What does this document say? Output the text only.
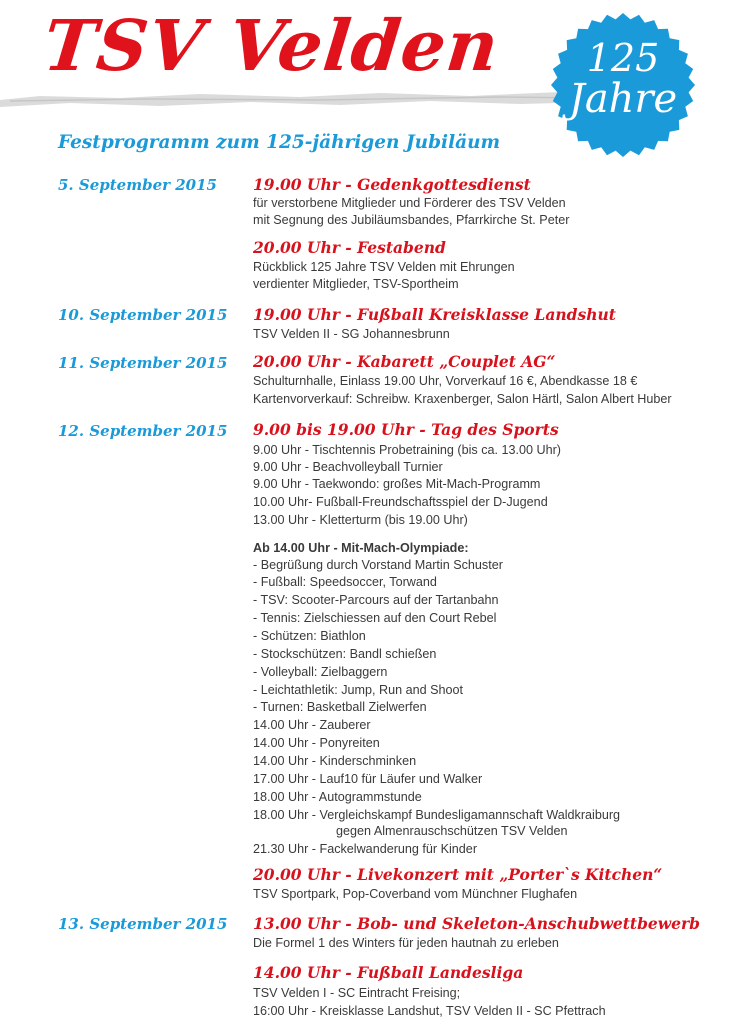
TSV Velden	125
Jahre
Festprogramm zum 125-jährigen Jubiläum
5. September 2015
10. September 2015
11. September 2015
12. September 2015
13. September 2015
19.00 Uhr - Gedenkgottesdienst
für verstorbene Mitglieder und Förderer des TSV Velden
mit Segnung des Jubiläumsbandes, Pfarrkirche St. Peter
20.00 Uhr - Festabend
Rückblick 125 Jahre TSV Velden mit Ehrungen
verdienter Mitglieder, TSV-Sportheim
19.00 Uhr - Fußball Kreisklasse Landshut
TSV Velden II - SG Johannesbrunn
20.00 Uhr - Kabarett „Couplet AG“
Schulturnhalle, Einlass 19.00 Uhr, Vorverkauf 16 €, Abendkasse 18 €
Kartenvorverkauf: Schreibw. Kraxenberger, Salon Härtl, Salon Albert Huber
9.00 bis 19.00 Uhr - Tag des Sports
9.00 Uhr - Tischtennis Probetraining (bis ca. 13.00 Uhr)
9.00 Uhr - Beachvolleyball Turnier
9.00 Uhr - Taekwondo: großes Mit-Mach-Programm
10.00 Uhr- Fußball-Freundschaftsspiel der D-Jugend
13.00 Uhr - Kletterturm (bis 19.00 Uhr)
Ab 14.00 Uhr - Mit-Mach-Olympiade:
- Begrüßung durch Vorstand Martin Schuster
- Fußball: Speedsoccer, Torwand
- TSV: Scooter-Parcours auf der Tartanbahn
- Tennis: Zielschiessen auf den Court Rebel
- Schützen: Biathlon
- Stockschützen: Bandl schießen
- Volleyball: Zielbaggern
- Leichtathletik: Jump, Run and Shoot
- Turnen: Basketball Zielwerfen
14.00 Uhr - Zauberer
14.00 Uhr - Ponyreiten
14.00 Uhr - Kinderschminken
17.00 Uhr - Lauf10 für Läufer und Walker
18.00 Uhr - Autogrammstunde
18.00 Uhr - Vergleichskampf Bundesligamannschaft Waldkraiburg
gegen Almenrauschschützen TSV Velden
21.30 Uhr - Fackelwanderung für Kinder
20.00 Uhr - Livekonzert mit „Porter`s Kitchen“
TSV Sportpark, Pop-Coverband vom Münchner Flughafen
13.00 Uhr - Bob- und Skeleton-Anschubwettbewerb
Die Formel 1 des Winters für jeden hautnah zu erleben
14.00 Uhr - Fußball Landesliga
TSV Velden I - SC Eintracht Freising;
16:00 Uhr - Kreisklasse Landshut, TSV Velden II - SC Pfettrach
